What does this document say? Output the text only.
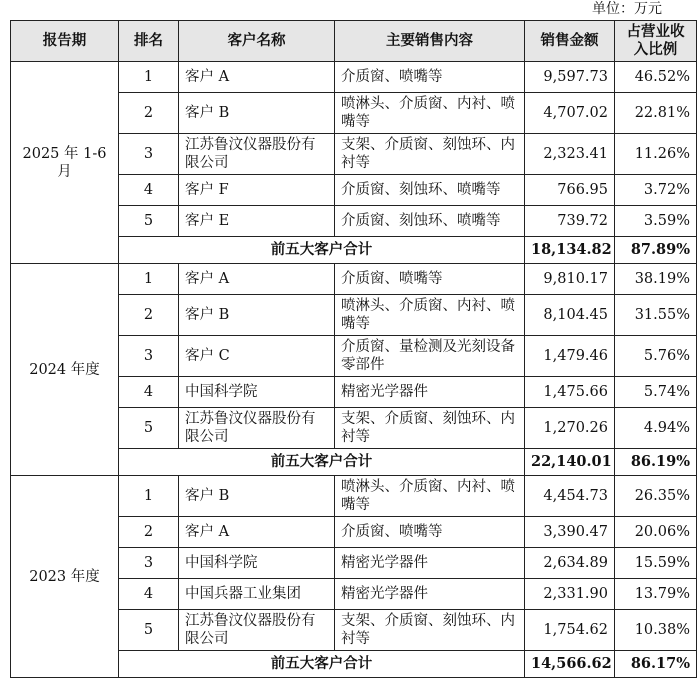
单位：万元
报告期	排名	客户名称	主要销售内容	销售金额	占营业收入比例
2025 年 1-6 月	1	客户 A	介质窗、喷嘴等	9,597.73	46.52%
	2	客户 B	喷淋头、介质窗、内衬、喷嘴等	4,707.02	22.81%
	3	江苏鲁汶仪器股份有限公司	支架、介质窗、刻蚀环、内衬等	2,323.41	11.26%
	4	客户 F	介质窗、刻蚀环、喷嘴等	766.95	3.72%
	5	客户 E	介质窗、刻蚀环、喷嘴等	739.72	3.59%
	前五大客户合计			18,134.82	87.89%
2024 年度	1	客户 A	介质窗、喷嘴等	9,810.17	38.19%
	2	客户 B	喷淋头、介质窗、内衬、喷嘴等	8,104.45	31.55%
	3	客户 C	介质窗、量检测及光刻设备零部件	1,479.46	5.76%
	4	中国科学院	精密光学器件	1,475.66	5.74%
	5	江苏鲁汶仪器股份有限公司	支架、介质窗、刻蚀环、内衬等	1,270.26	4.94%
	前五大客户合计			22,140.01	86.19%
2023 年度	1	客户 B	喷淋头、介质窗、内衬、喷嘴等	4,454.73	26.35%
	2	客户 A	介质窗、喷嘴等	3,390.47	20.06%
	3	中国科学院	精密光学器件	2,634.89	15.59%
	4	中国兵器工业集团	精密光学器件	2,331.90	13.79%
	5	江苏鲁汶仪器股份有限公司	支架、介质窗、刻蚀环、内衬等	1,754.62	10.38%
	前五大客户合计			14,566.62	86.17%
